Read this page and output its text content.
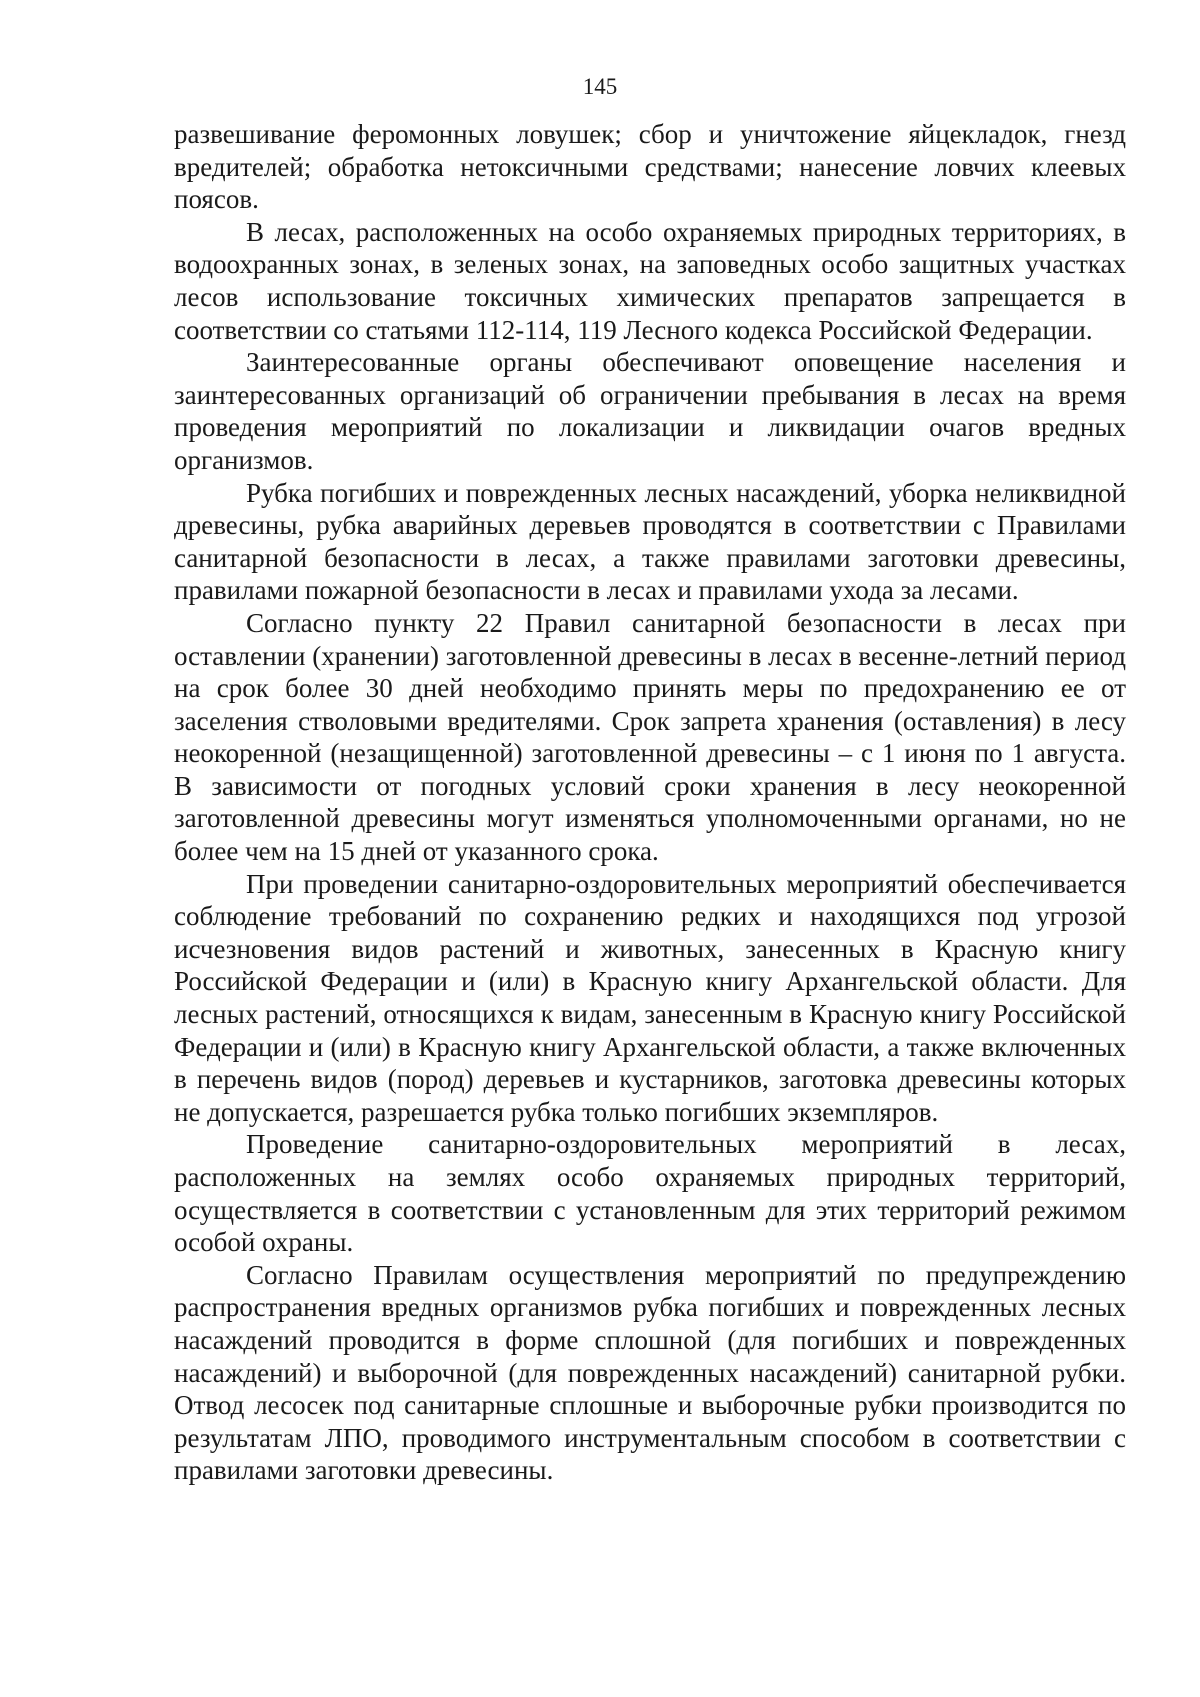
145

развешивание феромонных ловушек; сбор и уничтожение яйцекладок, гнезд вредителей; обработка нетоксичными средствами; нанесение ловчих клеевых поясов.

В лесах, расположенных на особо охраняемых природных территориях, в водоохранных зонах, в зеленых зонах, на заповедных особо защитных участках лесов использование токсичных химических препаратов запрещается в соответствии со статьями 112-114, 119 Лесного кодекса Российской Федерации.

Заинтересованные органы обеспечивают оповещение населения и заинтересованных организаций об ограничении пребывания в лесах на время проведения мероприятий по локализации и ликвидации очагов вредных организмов.

Рубка погибших и поврежденных лесных насаждений, уборка неликвидной древесины, рубка аварийных деревьев проводятся в соответствии с Правилами санитарной безопасности в лесах, а также правилами заготовки древесины, правилами пожарной безопасности в лесах и правилами ухода за лесами.

Согласно пункту 22 Правил санитарной безопасности в лесах при оставлении (хранении) заготовленной древесины в лесах в весенне-летний период на срок более 30 дней необходимо принять меры по предохранению ее от заселения стволовыми вредителями. Срок запрета хранения (оставления) в лесу неокоренной (незащищенной) заготовленной древесины – с 1 июня по 1 августа. В зависимости от погодных условий сроки хранения в лесу неокоренной заготовленной древесины могут изменяться уполномоченными органами, но не более чем на 15 дней от указанного срока.

При проведении санитарно-оздоровительных мероприятий обеспечивается соблюдение требований по сохранению редких и находящихся под угрозой исчезновения видов растений и животных, занесенных в Красную книгу Российской Федерации и (или) в Красную книгу Архангельской области. Для лесных растений, относящихся к видам, занесенным в Красную книгу Российской Федерации и (или) в Красную книгу Архангельской области, а также включенных в перечень видов (пород) деревьев и кустарников, заготовка древесины которых не допускается, разрешается рубка только погибших экземпляров.

Проведение санитарно-оздоровительных мероприятий в лесах, расположенных на землях особо охраняемых природных территорий, осуществляется в соответствии с установленным для этих территорий режимом особой охраны.

Согласно Правилам осуществления мероприятий по предупреждению распространения вредных организмов рубка погибших и поврежденных лесных насаждений проводится в форме сплошной (для погибших и поврежденных насаждений) и выборочной (для поврежденных насаждений) санитарной рубки. Отвод лесосек под санитарные сплошные и выборочные рубки производится по результатам ЛПО, проводимого инструментальным способом в соответствии с правилами заготовки древесины.
